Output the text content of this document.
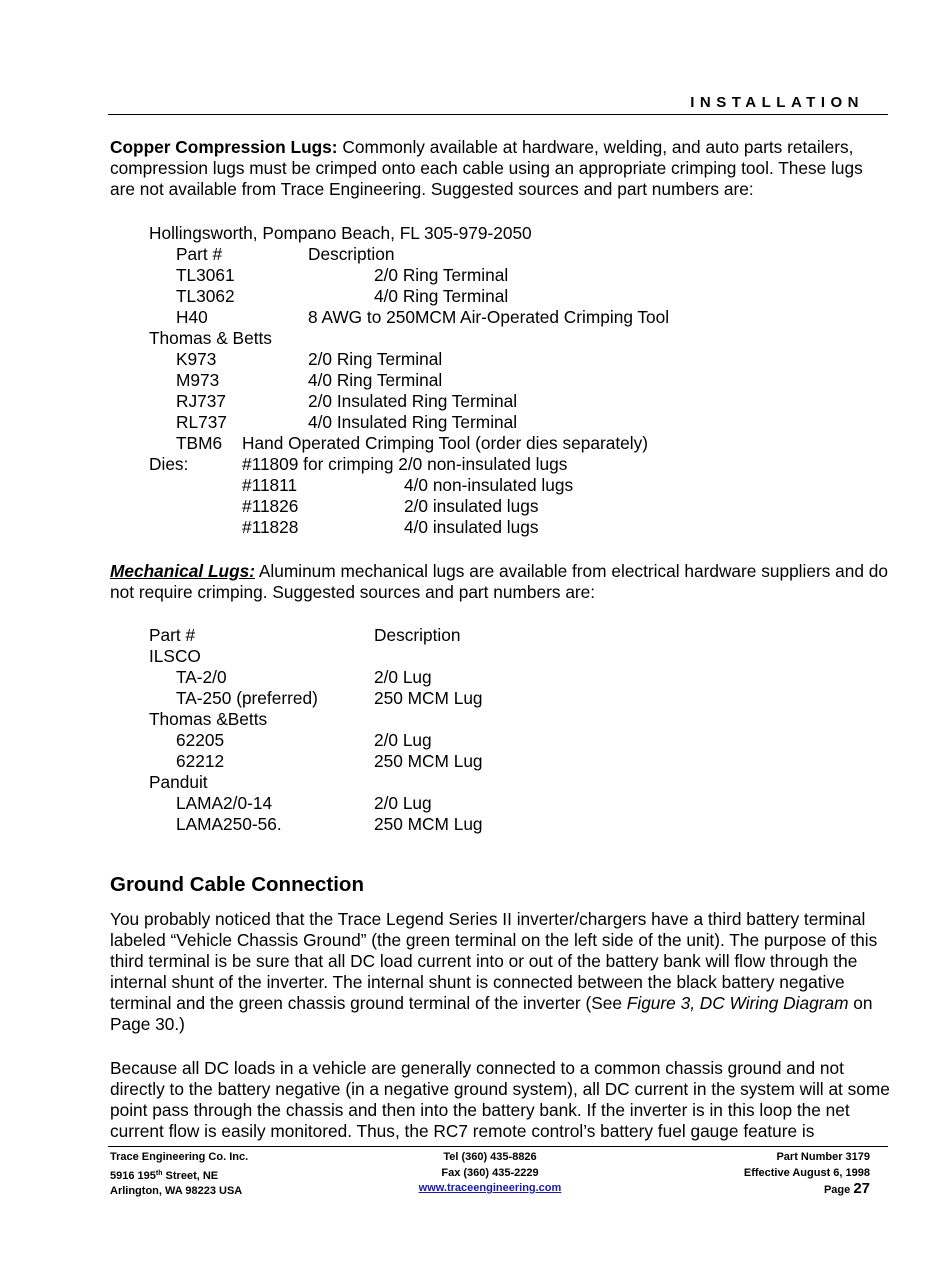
INSTALLATION

Copper Compression Lugs: Commonly available at hardware, welding, and auto parts retailers, compression lugs must be crimped onto each cable using an appropriate crimping tool. These lugs are not available from Trace Engineering. Suggested sources and part numbers are:

Hollingsworth, Pompano Beach, FL 305-979-2050
Part #	Description
TL3061	2/0 Ring Terminal
TL3062	4/0 Ring Terminal
H40	8 AWG to 250MCM Air-Operated Crimping Tool
Thomas & Betts
K973	2/0 Ring Terminal
M973	4/0 Ring Terminal
RJ737	2/0 Insulated Ring Terminal
RL737	4/0 Insulated Ring Terminal
TBM6 Hand Operated Crimping Tool (order dies separately)
Dies:	#11809 for crimping 2/0 non-insulated lugs
#11811	4/0 non-insulated lugs
#11826	2/0 insulated lugs
#11828	4/0 insulated lugs

Mechanical Lugs: Aluminum mechanical lugs are available from electrical hardware suppliers and do not require crimping. Suggested sources and part numbers are:

Part #	Description
ILSCO
TA-2/0	2/0 Lug
TA-250 (preferred)	250 MCM Lug
Thomas &Betts
62205	2/0 Lug
62212	250 MCM Lug
Panduit
LAMA2/0-14	2/0 Lug
LAMA250-56.	250 MCM Lug
Ground Cable Connection

You probably noticed that the Trace Legend Series II inverter/chargers have a third battery terminal labeled “Vehicle Chassis Ground” (the green terminal on the left side of the unit). The purpose of this third terminal is be sure that all DC load current into or out of the battery bank will flow through the internal shunt of the inverter. The internal shunt is connected between the black battery negative terminal and the green chassis ground terminal of the inverter (See Figure 3, DC Wiring Diagram on Page 30.)

Because all DC loads in a vehicle are generally connected to a common chassis ground and not directly to the battery negative (in a negative ground system), all DC current in the system will at some point pass through the chassis and then into the battery bank. If the inverter is in this loop the net current flow is easily monitored. Thus, the RC7 remote control’s battery fuel gauge feature is

Trace Engineering Co. Inc.
5916 195th Street, NE
Arlington, WA 98223 USA
Tel (360) 435-8826
Fax (360) 435-2229
www.traceengineering.com
Part Number 3179
Effective August 6, 1998
Page 27
